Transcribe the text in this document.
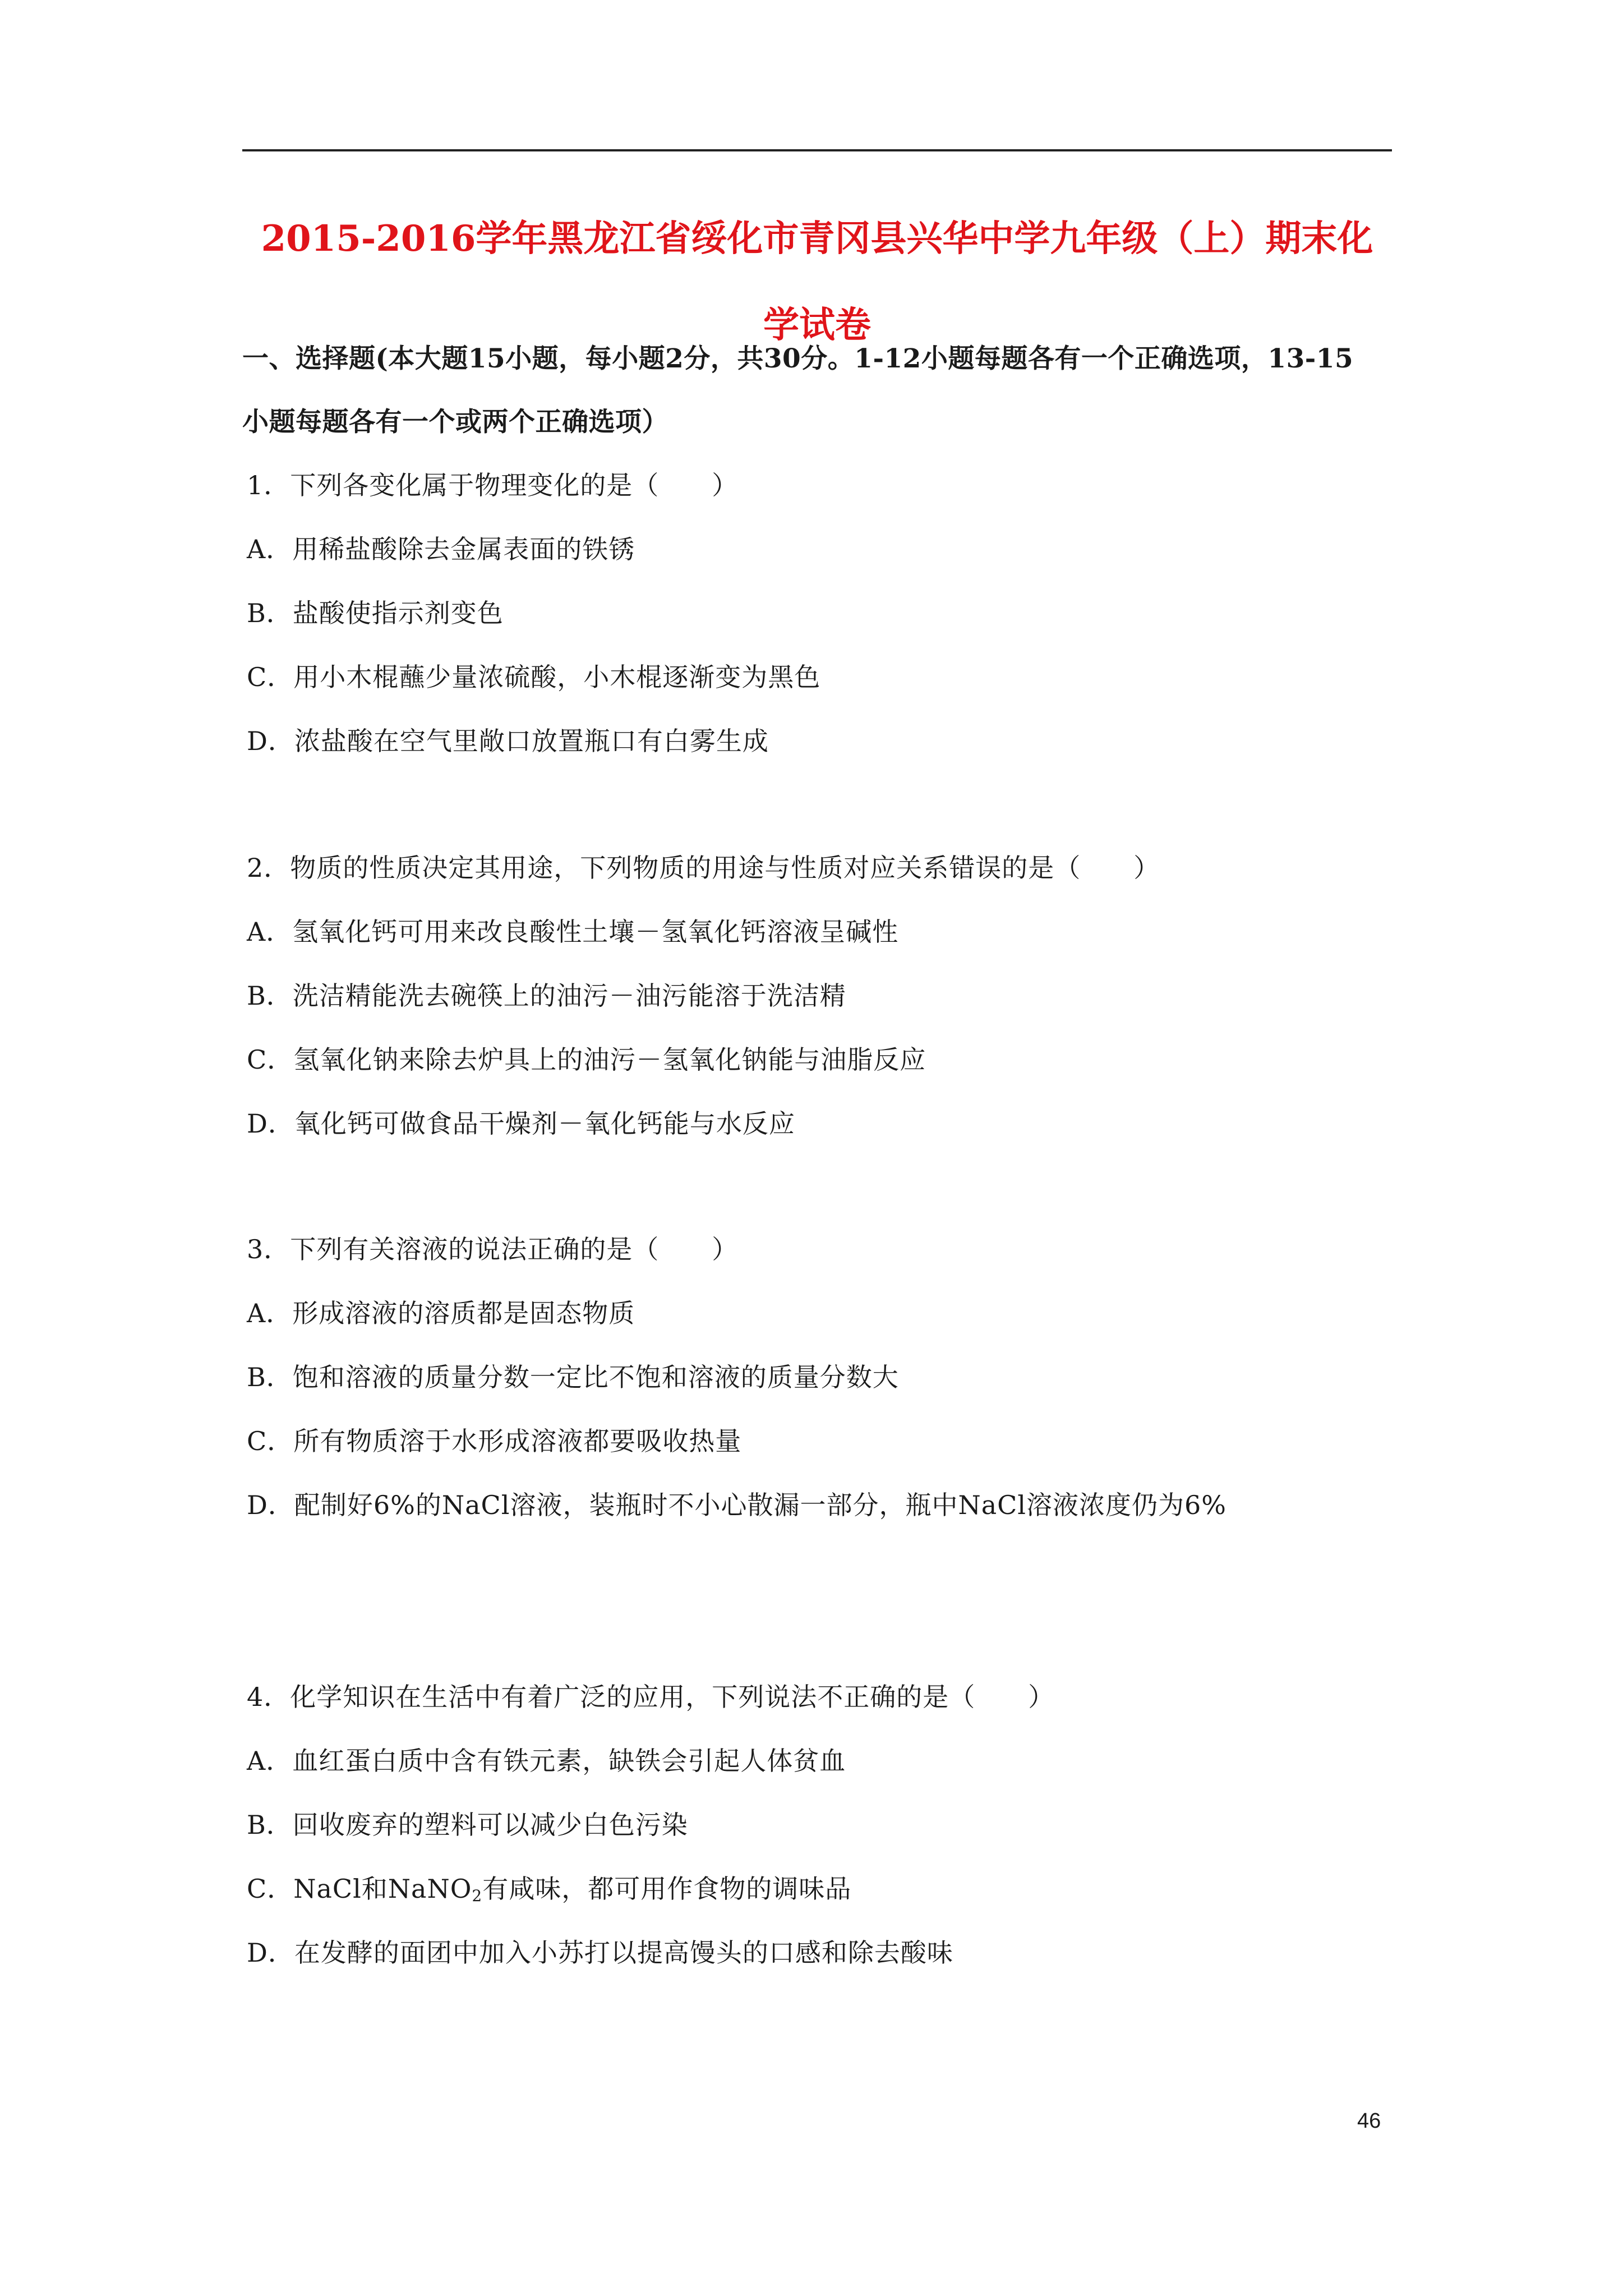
2015-2016学年黑龙江省绥化市青冈县兴华中学九年级（上）期末化
学试卷
一、选择题(本大题15小题，每小题2分，共30分。1-12小题每题各有一个正确选项，13-15
小题每题各有一个或两个正确选项）
1．下列各变化属于物理变化的是（　　）
A．用稀盐酸除去金属表面的铁锈
B．盐酸使指示剂变色
C．用小木棍蘸少量浓硫酸，小木棍逐渐变为黑色
D．浓盐酸在空气里敞口放置瓶口有白雾生成
2．物质的性质决定其用途，下列物质的用途与性质对应关系错误的是（　　）
A．氢氧化钙可用来改良酸性土壤－氢氧化钙溶液呈碱性
B．洗洁精能洗去碗筷上的油污－油污能溶于洗洁精
C．氢氧化钠来除去炉具上的油污－氢氧化钠能与油脂反应
D．氧化钙可做食品干燥剂－氧化钙能与水反应
3．下列有关溶液的说法正确的是（　　）
A．形成溶液的溶质都是固态物质
B．饱和溶液的质量分数一定比不饱和溶液的质量分数大
C．所有物质溶于水形成溶液都要吸收热量
D．配制好6%的NaCl溶液，装瓶时不小心散漏一部分，瓶中NaCl溶液浓度仍为6%
4．化学知识在生活中有着广泛的应用，下列说法不正确的是（　　）
A．血红蛋白质中含有铁元素，缺铁会引起人体贫血
B．回收废弃的塑料可以减少白色污染
C．NaCl和NaNO$_2$有咸味，都可用作食物的调味品
D．在发酵的面团中加入小苏打以提高馒头的口感和除去酸味
46
